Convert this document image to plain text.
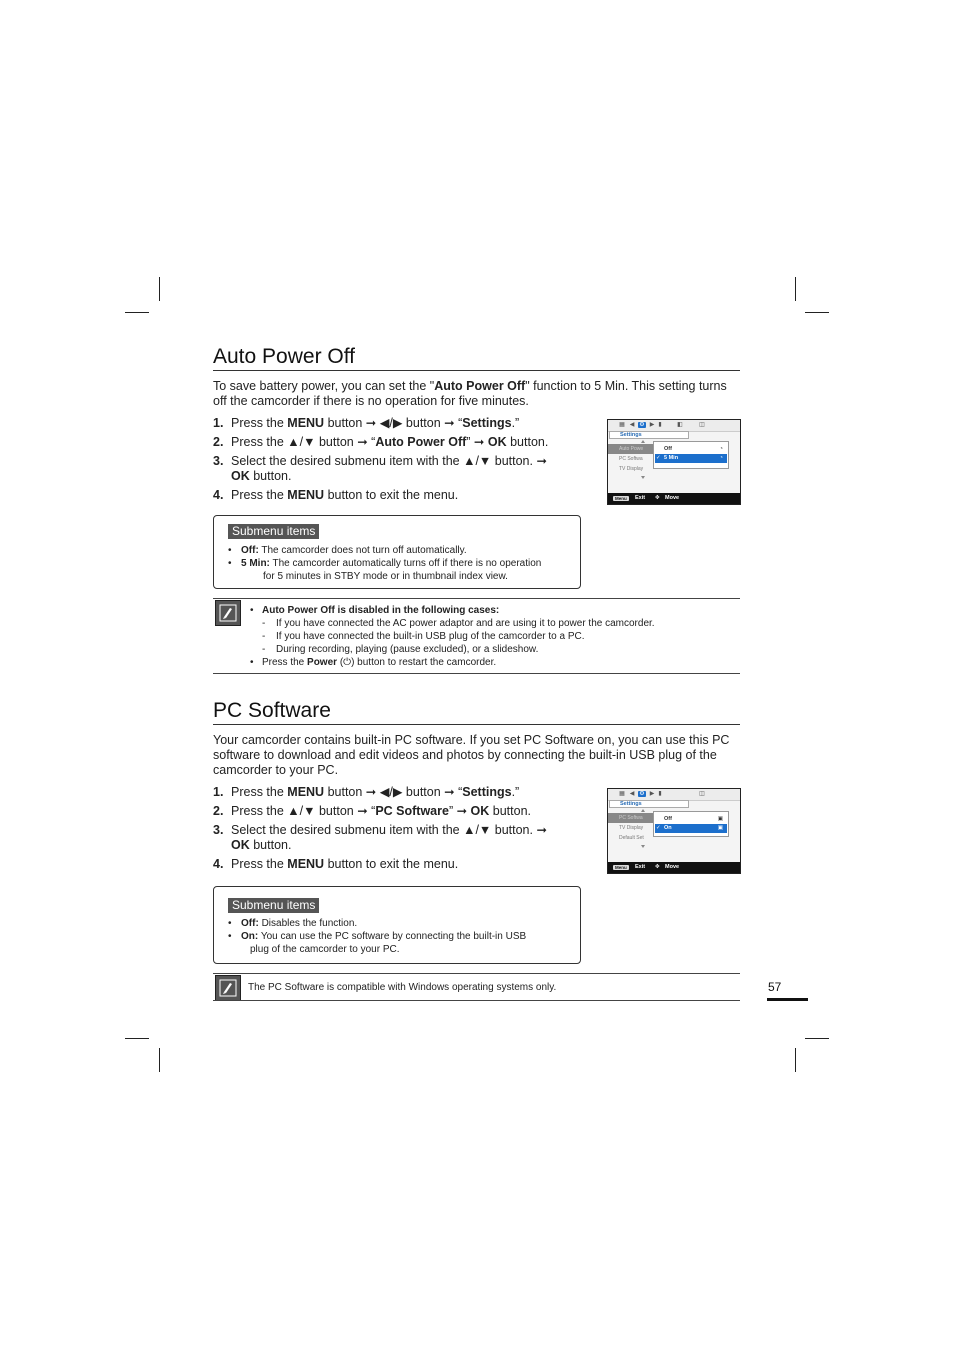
Auto Power Off
To save battery power, you can set the "Auto Power Off" function to 5 Min. This setting turns off the camcorder if there is no operation for five minutes.
1. Press the MENU button ➞ ◀/▶ button ➞ “Settings.”
2. Press the ▲/▼ button ➞ “Auto Power Off” ➞ OK button.
3. Select the desired submenu item with the ▲/▼ button. ➞ OK button.
4. Press the MENU button to exit the menu.
▦ ◀ ⚙ ▶ ▮	◧	◫
Settings
Auto Powe
PC Softwa
TV Display
Off	◔
✓ 5 Min	◔
Menu	Exit ✥ Move
Submenu items
• Off: The camcorder does not turn off automatically.
• 5 Min: The camcorder automatically turns off if there is no operation
for 5 minutes in STBY mode or in thumbnail index view.
• Auto Power Off is disabled in the following cases:
- If you have connected the AC power adaptor and are using it to power the camcorder.
- If you have connected the built-in USB plug of the camcorder to a PC.
- During recording, playing (pause excluded), or a slideshow.
• Press the Power (⏻) button to restart the camcorder.
PC Software
Your camcorder contains built-in PC software. If you set PC Software on, you can use this PC software to download and edit videos and photos by connecting the built-in USB plug of the camcorder to your PC.
1. Press the MENU button ➞ ◀/▶ button ➞ “Settings.”
2. Press the ▲/▼ button ➞ “PC Software” ➞ OK button.
3. Select the desired submenu item with the ▲/▼ button. ➞ OK button.
4. Press the MENU button to exit the menu.
▦ ◀ ⚙ ▶ ▮	◫
Settings
PC Softwa
TV Display
Default Set
Off	▣
✓ On	▣
Menu	Exit ✥ Move
Submenu items
• Off: Disables the function.
• On: You can use the PC software by connecting the built-in USB
plug of the camcorder to your PC.
The PC Software is compatible with Windows operating systems only.	57
